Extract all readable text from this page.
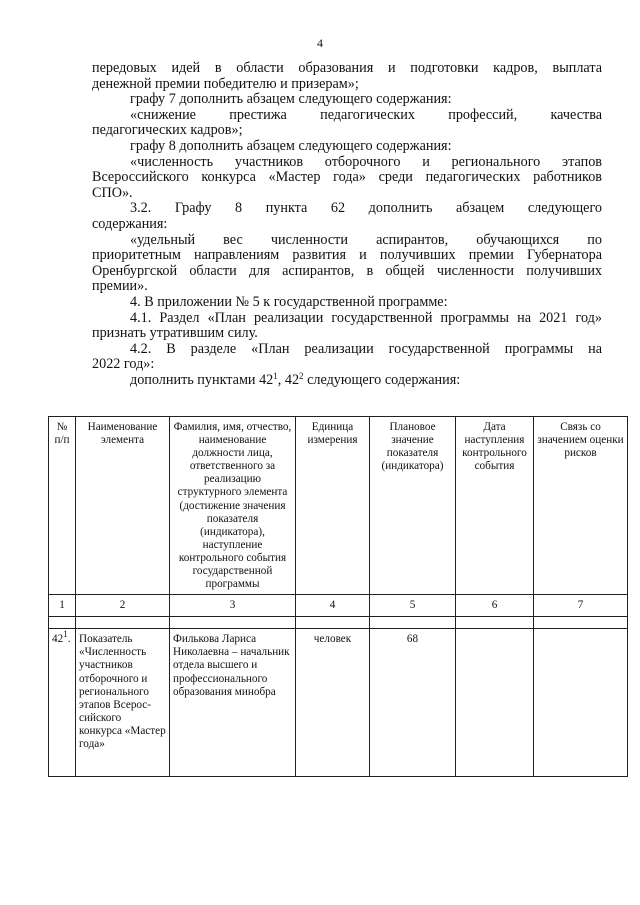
4
передовых идей в области образования и подготовки кадров, выплата
денежной премии победителю и призерам»;
графу 7 дополнить абзацем следующего содержания:
«снижение престижа педагогических профессий, качества
педагогических кадров»;
графу 8 дополнить абзацем следующего содержания:
«численность участников отборочного и регионального этапов
Всероссийского конкурса «Мастер года» среди педагогических работников
СПО».
3.2. Графу 8 пункта 62 дополнить абзацем следующего
содержания:
«удельный вес численности аспирантов, обучающихся по
приоритетным направлениям развития и получивших премии Губернатора
Оренбургской области для аспирантов, в общей численности получивших
премии».
4. В приложении № 5 к государственной программе:
4.1. Раздел «План реализации государственной программы на 2021 год»
признать утратившим силу.
4.2. В разделе «План реализации государственной программы на
2022 год»:
дополнить пунктами $42^1$, $42^2$ следующего содержания:
№ п/п	Наименование элемента	Фамилия, имя, отчество, наименование должности лица, ответственного за реализацию структурного элемента (достижение значения показателя (индикатора), наступление контрольного события государственной программы	Единица измерения	Плановое значение показателя (индикатора)	Дата наступления контрольного события	Связь со значением оценки рисков
1	2	3	4	5	6	7

$42^1$.	Показатель «Численность участников отборочного и регионального этапов Всерос-сийского конкурса «Мастер года»	Филькова Лариса Николаевна – начальник отдела высшего и профессионального образования минобра	человек	68		
